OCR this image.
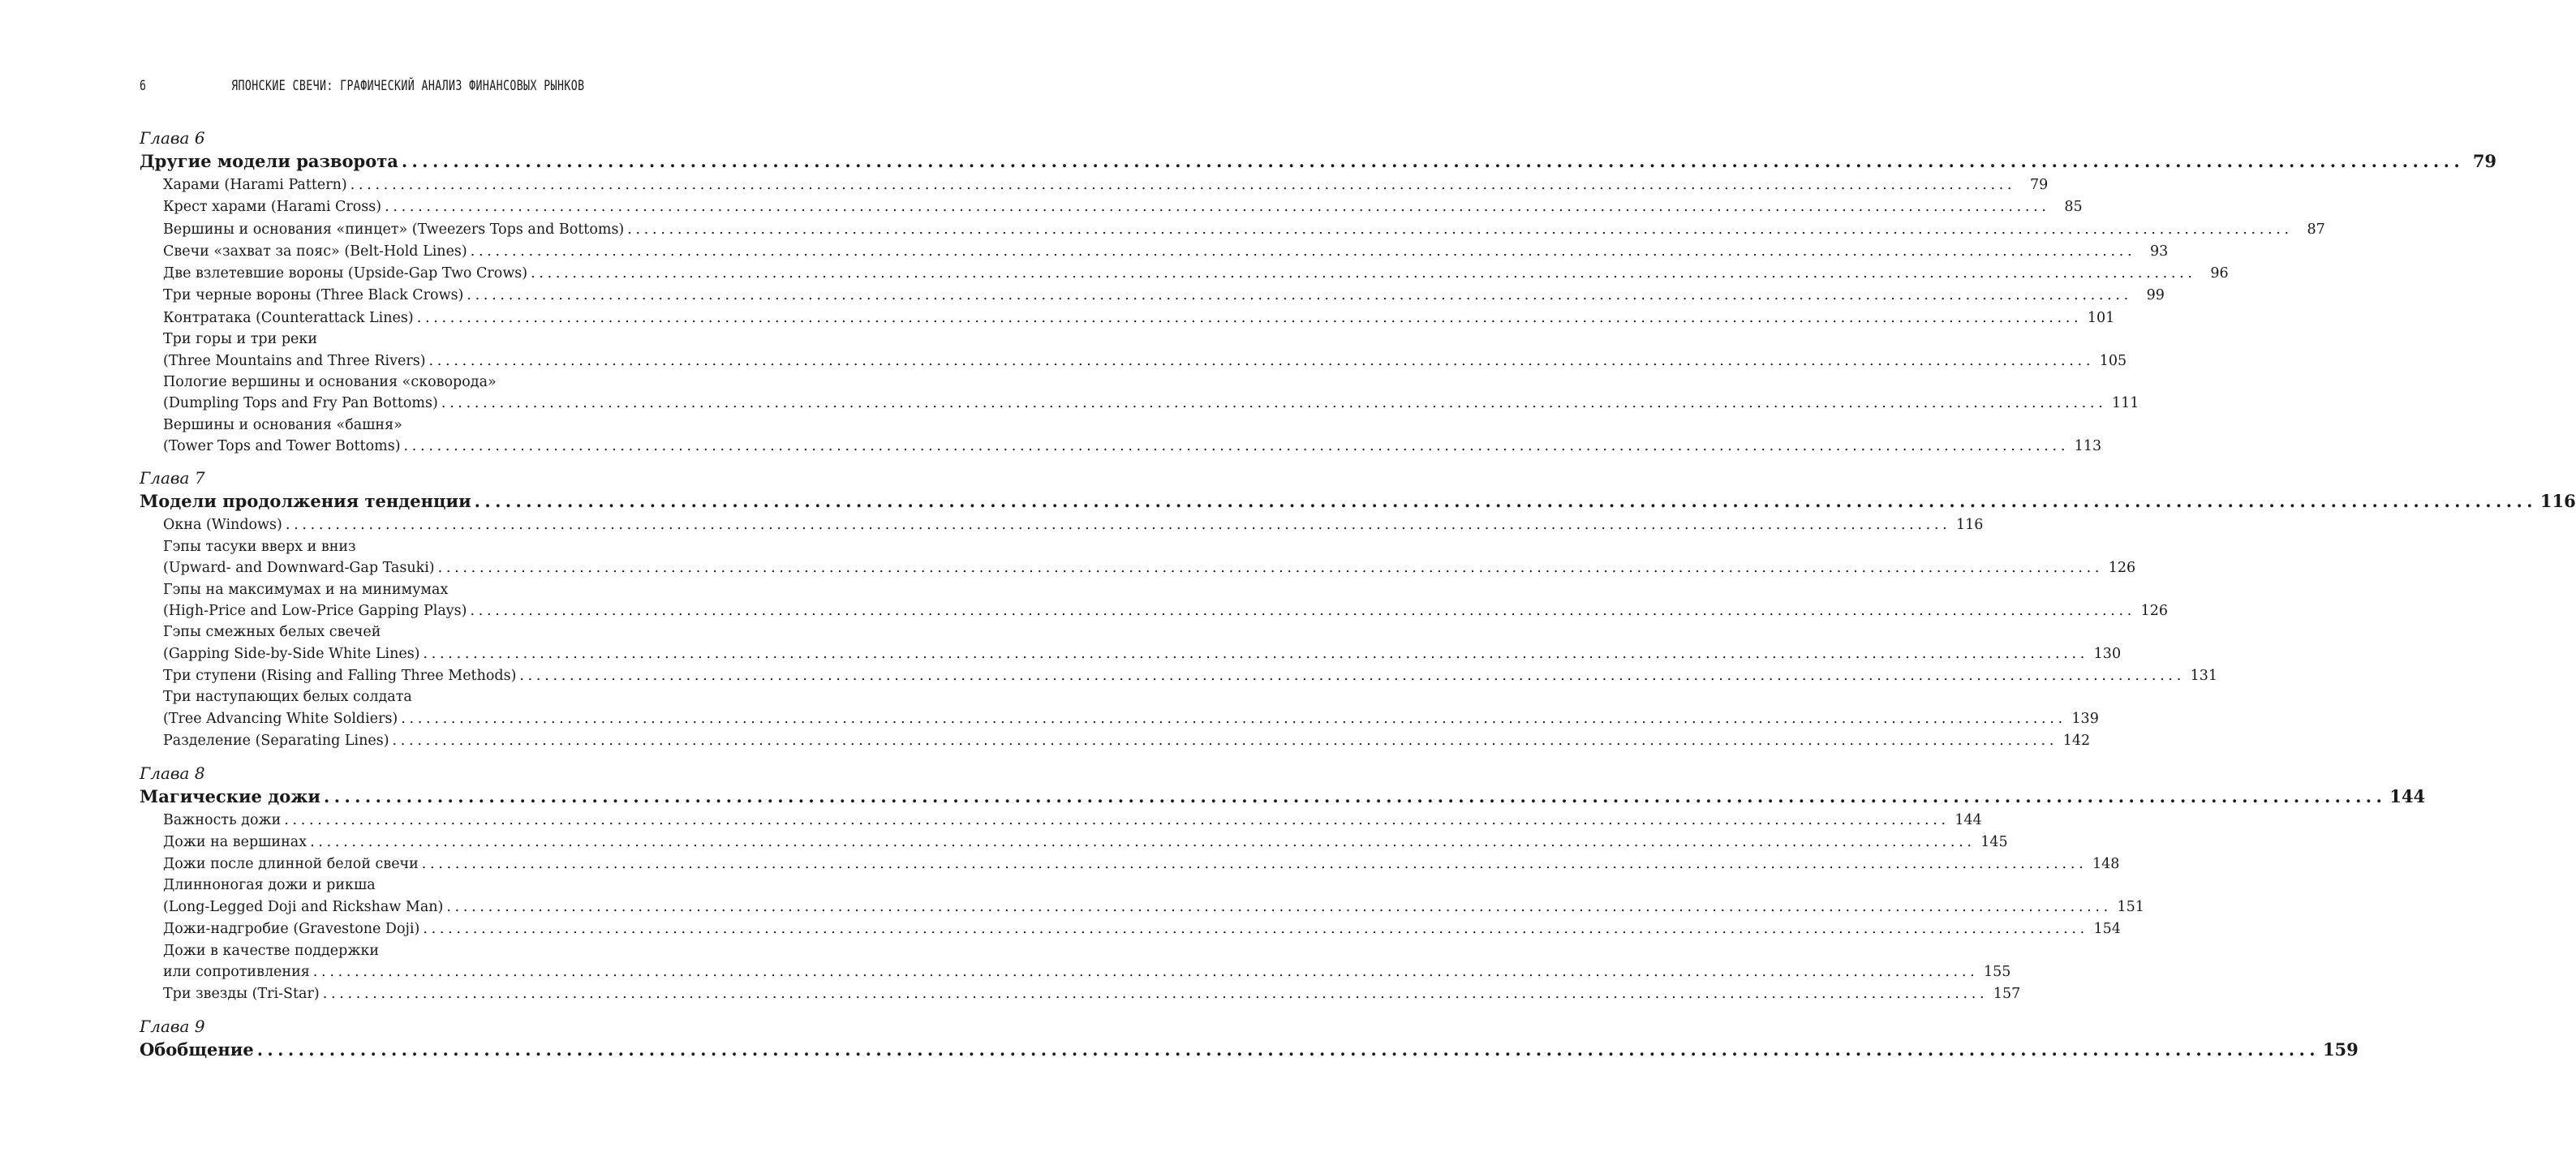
6	ЯПОНСКИЕ СВЕЧИ: ГРАФИЧЕСКИЙ АНАЛИЗ ФИНАНСОВЫХ РЫНКОВ
Глава 6
Другие модели разворота ........................................................................................................................................................................................................ 79
Харами (Harami Pattern) ........................................................................................................................................................................................................	79
Крест харами (Harami Cross) ........................................................................................................................................................................................................	85
Вершины и основания «пинцет» (Tweezers Tops and Bottoms) ........................................................................................................................................................................................................	87
Свечи «захват за пояс» (Belt-Hold Lines) ........................................................................................................................................................................................................	93
Две взлетевшие вороны (Upside-Gap Two Crows) ........................................................................................................................................................................................................	96
Три черные вороны (Three Black Crows) ........................................................................................................................................................................................................	99
Контратака (Counterattack Lines) ........................................................................................................................................................................................................ 101
Три горы и три реки
(Three Mountains and Three Rivers) ........................................................................................................................................................................................................ 105
Пологие вершины и основания «сковорода»
(Dumpling Tops and Fry Pan Bottoms) ........................................................................................................................................................................................................ 111
Вершины и основания «башня»
(Tower Tops and Tower Bottoms) ........................................................................................................................................................................................................ 113
Глава 7
Модели продолжения тенденции ........................................................................................................................................................................................................ 116
Окна (Windows) ........................................................................................................................................................................................................ 116
Гэпы тасуки вверх и вниз
(Upward- and Downward-Gap Tasuki) ........................................................................................................................................................................................................ 126
Гэпы на максимумах и на минимумах
(High-Price and Low-Price Gapping Plays) ........................................................................................................................................................................................................ 126
Гэпы смежных белых свечей
(Gapping Side-by-Side White Lines) ........................................................................................................................................................................................................ 130
Три ступени (Rising and Falling Three Methods) ........................................................................................................................................................................................................ 131
Три наступающих белых солдата
(Tree Advancing White Soldiers) ........................................................................................................................................................................................................ 139
Разделение (Separating Lines) ........................................................................................................................................................................................................ 142
Глава 8
Магические дожи ........................................................................................................................................................................................................ 144
Важность дожи ........................................................................................................................................................................................................ 144
Дожи на вершинах ........................................................................................................................................................................................................ 145
Дожи после длинной белой свечи ........................................................................................................................................................................................................ 148
Длинноногая дожи и рикша
(Long-Legged Doji and Rickshaw Man) ........................................................................................................................................................................................................ 151
Дожи-надгробие (Gravestone Doji) ........................................................................................................................................................................................................ 154
Дожи в качестве поддержки
или сопротивления ........................................................................................................................................................................................................ 155
Три звезды (Tri-Star) ........................................................................................................................................................................................................ 157
Глава 9
Обобщение ........................................................................................................................................................................................................ 159
